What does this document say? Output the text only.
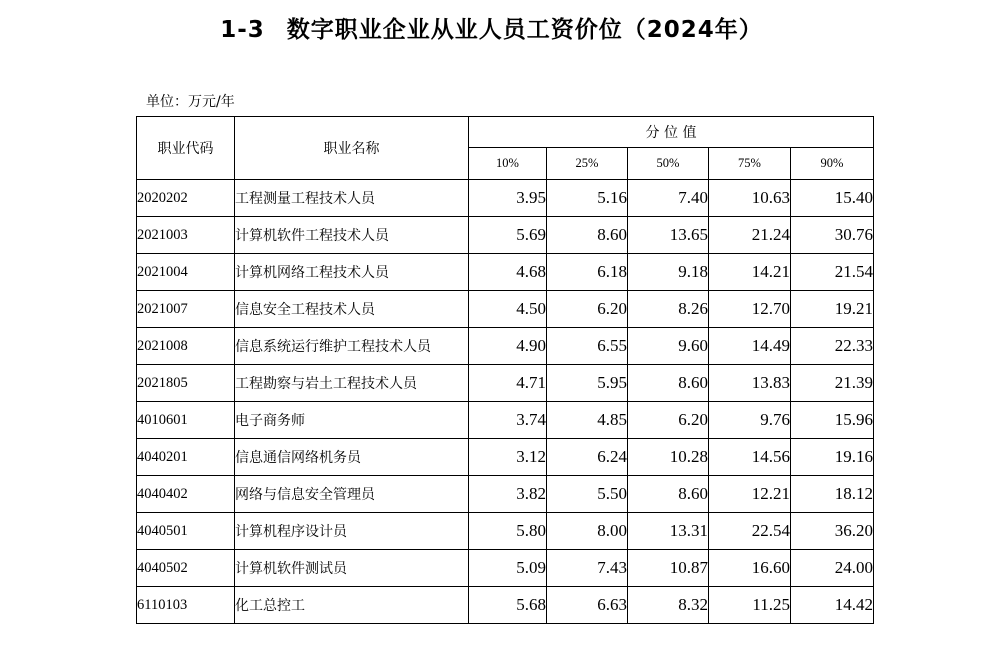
1-3 数字职业企业从业人员工资价位（2024年）
单位：万元/年
职业代码	职业名称	分 位 值				
		10%	25%	50%	75%	90%
2020202	工程测量工程技术人员	3.95	5.16	7.40	10.63	15.40
2021003	计算机软件工程技术人员	5.69	8.60	13.65	21.24	30.76
2021004	计算机网络工程技术人员	4.68	6.18	9.18	14.21	21.54
2021007	信息安全工程技术人员	4.50	6.20	8.26	12.70	19.21
2021008	信息系统运行维护工程技术人员	4.90	6.55	9.60	14.49	22.33
2021805	工程勘察与岩土工程技术人员	4.71	5.95	8.60	13.83	21.39
4010601	电子商务师	3.74	4.85	6.20	9.76	15.96
4040201	信息通信网络机务员	3.12	6.24	10.28	14.56	19.16
4040402	网络与信息安全管理员	3.82	5.50	8.60	12.21	18.12
4040501	计算机程序设计员	5.80	8.00	13.31	22.54	36.20
4040502	计算机软件测试员	5.09	7.43	10.87	16.60	24.00
6110103	化工总控工	5.68	6.63	8.32	11.25	14.42
